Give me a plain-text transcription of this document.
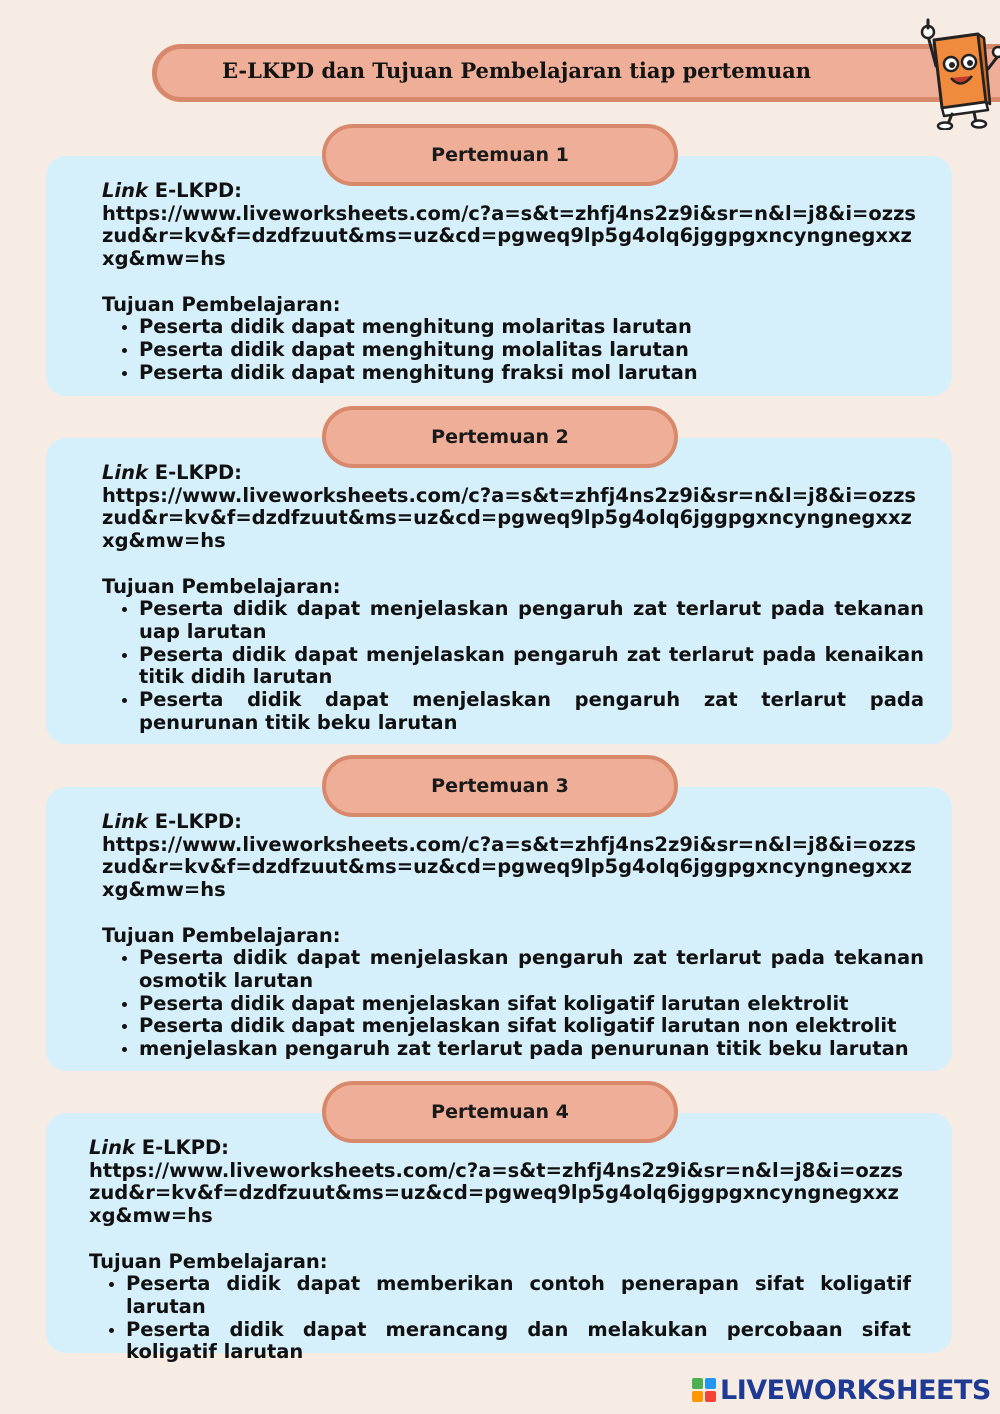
E-LKPD dan Tujuan Pembelajaran tiap pertemuan
Pertemuan 1
Link E-LKPD:
https://www.liveworksheets.com/c?a=s&t=zhfj4ns2z9i&sr=n&l=j8&i=ozzszud&r=kv&f=dzdfzuut&ms=uz&cd=pgweq9lp5g4olq6jggpgxncyngnegxxzxg&mw=hs
Tujuan Pembelajaran:
• Peserta didik dapat menghitung molaritas larutan
• Peserta didik dapat menghitung molalitas larutan
• Peserta didik dapat menghitung fraksi mol larutan
Pertemuan 2
Link E-LKPD:
https://www.liveworksheets.com/c?a=s&t=zhfj4ns2z9i&sr=n&l=j8&i=ozzszud&r=kv&f=dzdfzuut&ms=uz&cd=pgweq9lp5g4olq6jggpgxncyngnegxxzxg&mw=hs
Tujuan Pembelajaran:
• Peserta didik dapat menjelaskan pengaruh zat terlarut pada tekanan uap larutan
• Peserta didik dapat menjelaskan pengaruh zat terlarut pada kenaikan titik didih larutan
• Peserta didik dapat menjelaskan pengaruh zat terlarut pada penurunan titik beku larutan
Pertemuan 3
Link E-LKPD:
https://www.liveworksheets.com/c?a=s&t=zhfj4ns2z9i&sr=n&l=j8&i=ozzszud&r=kv&f=dzdfzuut&ms=uz&cd=pgweq9lp5g4olq6jggpgxncyngnegxxzxg&mw=hs
Tujuan Pembelajaran:
• Peserta didik dapat menjelaskan pengaruh zat terlarut pada tekanan osmotik larutan
• Peserta didik dapat menjelaskan sifat koligatif larutan elektrolit
• Peserta didik dapat menjelaskan sifat koligatif larutan non elektrolit
• menjelaskan pengaruh zat terlarut pada penurunan titik beku larutan
Pertemuan 4
Link E-LKPD:
https://www.liveworksheets.com/c?a=s&t=zhfj4ns2z9i&sr=n&l=j8&i=ozzszud&r=kv&f=dzdfzuut&ms=uz&cd=pgweq9lp5g4olq6jggpgxncyngnegxxzxg&mw=hs
Tujuan Pembelajaran:
• Peserta didik dapat memberikan contoh penerapan sifat koligatif larutan
• Peserta didik dapat merancang dan melakukan percobaan sifat koligatif larutan
LIVEWORKSHEETS
